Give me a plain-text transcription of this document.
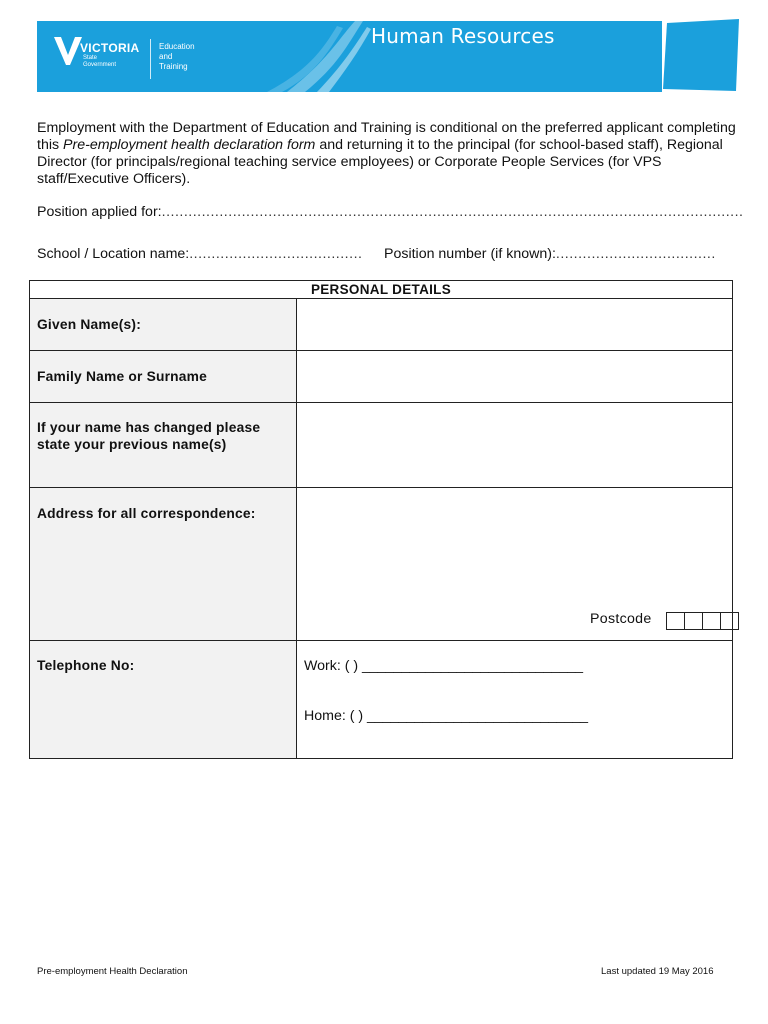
VICTORIA
State
Government
Education
and Training
Human Resources
Employment with the Department of Education and Training is conditional on the preferred applicant completing this Pre-employment health declaration form and returning it to the principal (for school-based staff), Regional Director (for principals/regional teaching service employees) or Corporate People Services (for VPS staff/Executive Officers).
Position applied for:...................................................................................................................................
School / Location name:....................................... Position number (if known):....................................
PERSONAL DETAILS	

Given Name(s):	

Family Name or Surname	

If your name has changed please state your previous name(s)	

Address for all correspondence:	Postcode

Telephone No:	Work: ( ) ____________________________
Home: ( ) ____________________________
Pre-employment Health Declaration	Last updated 19 May 2016
